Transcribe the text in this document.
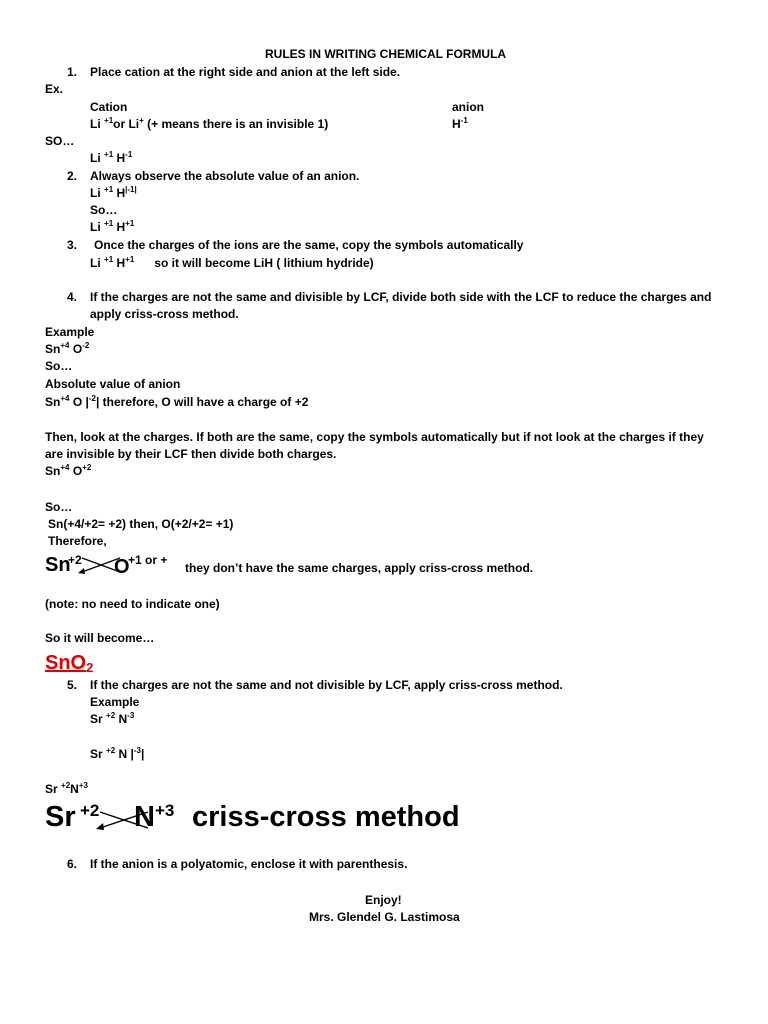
RULES IN WRITING CHEMICAL FORMULA
1. Place cation at the right side and anion at the left side.
Ex.
Cation	anion
Li $^{+1}$or Li+ (+ means there is an invisible 1)	$H^{-1}$
SO…
Li $^{+1}$ $H^{-1}$
2. Always observe the absolute value of an anion.
Li $^{+1}$ $H^{|-1|}$
So…
Li $^{+1}$ $H^{+1}$
3. Once the charges of the ions are the same, copy the symbols automatically
Li $^{+1}$ $H^{+1}$ so it will become LiH ( lithium hydride)
4. If the charges are not the same and divisible by LCF, divide both side with the LCF to reduce the charges and apply criss-cross method.
Example
$Sn^{+4}$ $O^{-2}$
So…
Absolute value of anion
$Sn^{+4}$ O $|^{-2}|$ therefore, O will have a charge of +2
Then, look at the charges. If both are the same, copy the symbols automatically but if not look at the charges if they are invisible by their LCF then divide both charges.
$Sn^{+4}$ $O^{+2}$
So…
Sn(+4/+2= +2) then, O(+2/+2= +1)
Therefore,
Sn
+2 O
+1 or +
they don’t have the same charges, apply criss-cross method.
(note: no need to indicate one)
So it will become…
SnO$_2$
5. If the charges are not the same and not divisible by LCF, apply criss-cross method.
Example
Sr $^{+2}$ $N^{-3}$
Sr $^{+2}$ N $|^{-3}|$
Sr $^{+2}N^{+3}$
Sr +2 N +3 criss-cross method
6. If the anion is a polyatomic, enclose it with parenthesis.
Enjoy!
Mrs. Glendel G. Lastimosa
